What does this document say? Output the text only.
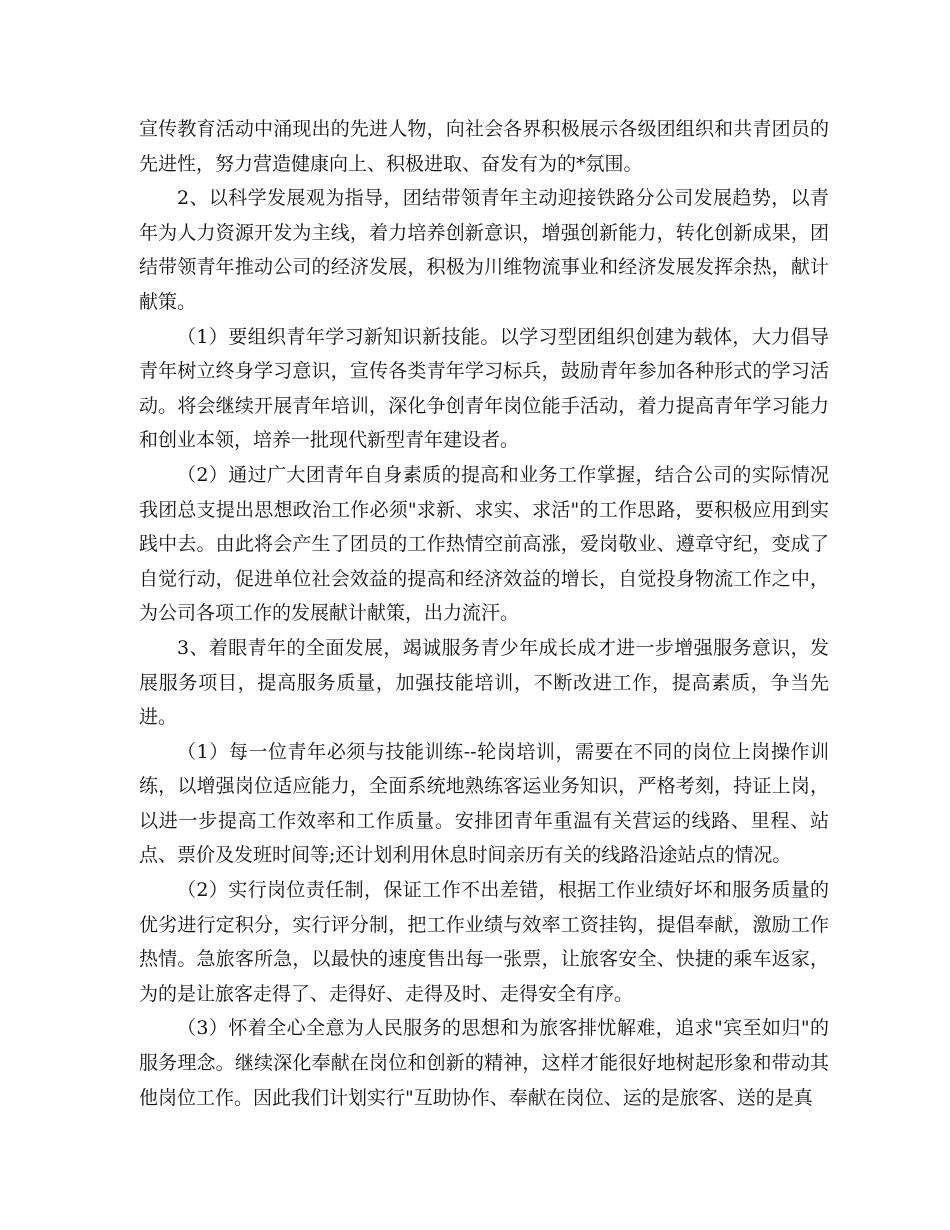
宣传教育活动中涌现出的先进人物，向社会各界积极展示各级团组织和共青团员的先进性，努力营造健康向上、积极进取、奋发有为的*氛围。

2、以科学发展观为指导，团结带领青年主动迎接铁路分公司发展趋势，以青年为人力资源开发为主线，着力培养创新意识，增强创新能力，转化创新成果，团结带领青年推动公司的经济发展，积极为川维物流事业和经济发展发挥余热，献计献策。

（1）要组织青年学习新知识新技能。以学习型团组织创建为载体，大力倡导青年树立终身学习意识，宣传各类青年学习标兵，鼓励青年参加各种形式的学习活动。将会继续开展青年培训，深化争创青年岗位能手活动，着力提高青年学习能力和创业本领，培养一批现代新型青年建设者。

（2）通过广大团青年自身素质的提高和业务工作掌握，结合公司的实际情况我团总支提出思想政治工作必须"求新、求实、求活"的工作思路，要积极应用到实践中去。由此将会产生了团员的工作热情空前高涨，爱岗敬业、遵章守纪，变成了自觉行动，促进单位社会效益的提高和经济效益的增长，自觉投身物流工作之中，为公司各项工作的发展献计献策，出力流汗。

3、着眼青年的全面发展，竭诚服务青少年成长成才进一步增强服务意识，发展服务项目，提高服务质量，加强技能培训，不断改进工作，提高素质，争当先进。

（1）每一位青年必须与技能训练--轮岗培训，需要在不同的岗位上岗操作训练，以增强岗位适应能力，全面系统地熟练客运业务知识，严格考刻，持证上岗，以进一步提高工作效率和工作质量。安排团青年重温有关营运的线路、里程、站点、票价及发班时间等;还计划利用休息时间亲历有关的线路沿途站点的情况。

（2）实行岗位责任制，保证工作不出差错，根据工作业绩好坏和服务质量的优劣进行定积分，实行评分制，把工作业绩与效率工资挂钩，提倡奉献，激励工作热情。急旅客所急，以最快的速度售出每一张票，让旅客安全、快捷的乘车返家，为的是让旅客走得了、走得好、走得及时、走得安全有序。

（3）怀着全心全意为人民服务的思想和为旅客排忧解难，追求"宾至如归"的服务理念。继续深化奉献在岗位和创新的精神，这样才能很好地树起形象和带动其他岗位工作。因此我们计划实行"互助协作、奉献在岗位、运的是旅客、送的是真
